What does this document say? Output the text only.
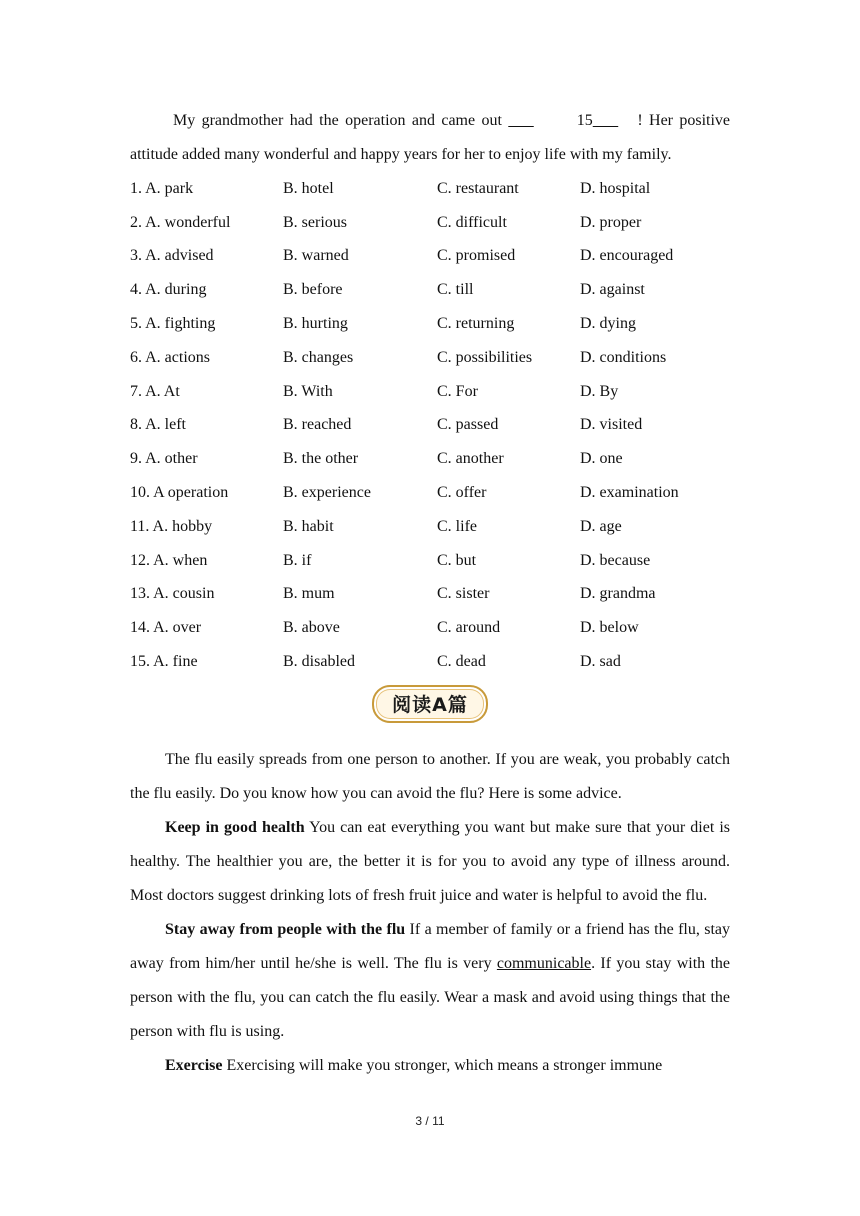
My grandmother had the operation and came out	15	! Her positive attitude added many wonderful and happy years for her to enjoy life with my family.

1. A. park	B. hotel	C. restaurant	D. hospital
2. A. wonderful	B. serious	C. difficult	D. proper
3. A. advised	B. warned	C. promised	D. encouraged
4. A. during	B. before	C. till	D. against
5. A. fighting	B. hurting	C. returning	D. dying
6. A. actions	B. changes	C. possibilities	D. conditions
7. A. At	B. With	C. For	D. By
8. A. left	B. reached	C. passed	D. visited
9. A. other	B. the other	C. another	D. one
10. A operation	B. experience	C. offer	D. examination
11. A. hobby	B. habit	C. life	D. age
12. A. when	B. if	C. but	D. because
13. A. cousin	B. mum	C. sister	D. grandma
14. A. over	B. above	C. around	D. below
15. A. fine	B. disabled	C. dead	D. sad
阅读A篇

The flu easily spreads from one person to another. If you are weak, you probably catch the flu easily. Do you know how you can avoid the flu? Here is some advice.

Keep in good health You can eat everything you want but make sure that your diet is healthy. The healthier you are, the better it is for you to avoid any type of illness around. Most doctors suggest drinking lots of fresh fruit juice and water is helpful to avoid the flu.

Stay away from people with the flu If a member of family or a friend has the flu, stay away from him/her until he/she is well. The flu is very communicable. If you stay with the person with the flu, you can catch the flu easily. Wear a mask and avoid using things that the person with flu is using.

Exercise Exercising will make you stronger, which means a stronger immune

3 / 11
